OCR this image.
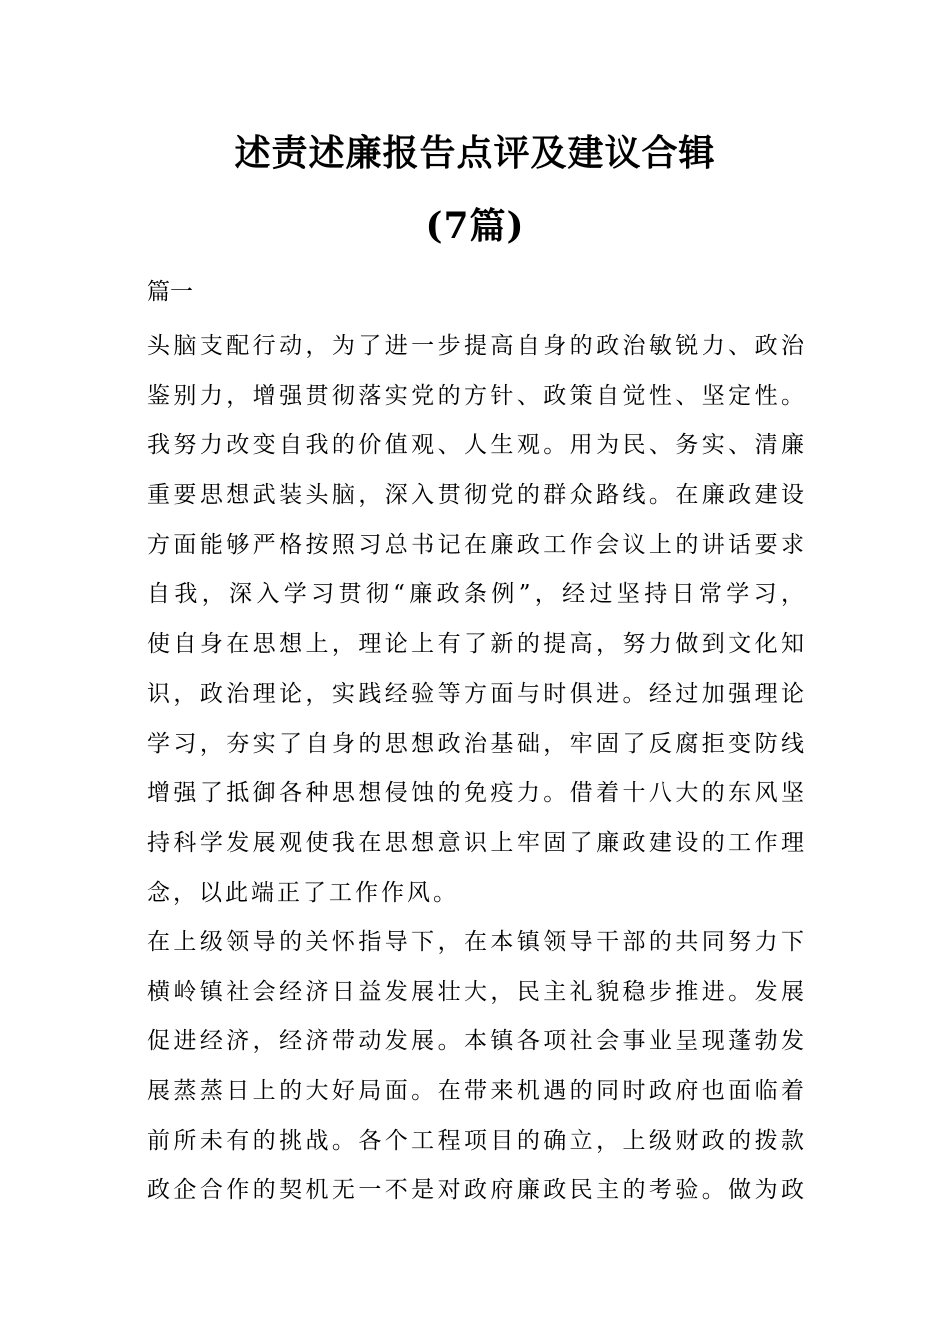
述责述廉报告点评及建议合辑
(7篇)
篇一
头脑支配行动，为了进一步提高自身的政治敏锐力、政治
鉴别力，增强贯彻落实党的方针、政策自觉性、坚定性。
我努力改变自我的价值观、人生观。用为民、务实、清廉
重要思想武装头脑，深入贯彻党的群众路线。在廉政建设
方面能够严格按照习总书记在廉政工作会议上的讲话要求
自我，深入学习贯彻“廉政条例”，经过坚持日常学习，
使自身在思想上，理论上有了新的提高，努力做到文化知
识，政治理论，实践经验等方面与时俱进。经过加强理论
学习，夯实了自身的思想政治基础，牢固了反腐拒变防线
增强了抵御各种思想侵蚀的免疫力。借着十八大的东风坚
持科学发展观使我在思想意识上牢固了廉政建设的工作理
念，以此端正了工作作风。
在上级领导的关怀指导下，在本镇领导干部的共同努力下
横岭镇社会经济日益发展壮大，民主礼貌稳步推进。发展
促进经济，经济带动发展。本镇各项社会事业呈现蓬勃发
展蒸蒸日上的大好局面。在带来机遇的同时政府也面临着
前所未有的挑战。各个工程项目的确立，上级财政的拨款
政企合作的契机无一不是对政府廉政民主的考验。做为政
